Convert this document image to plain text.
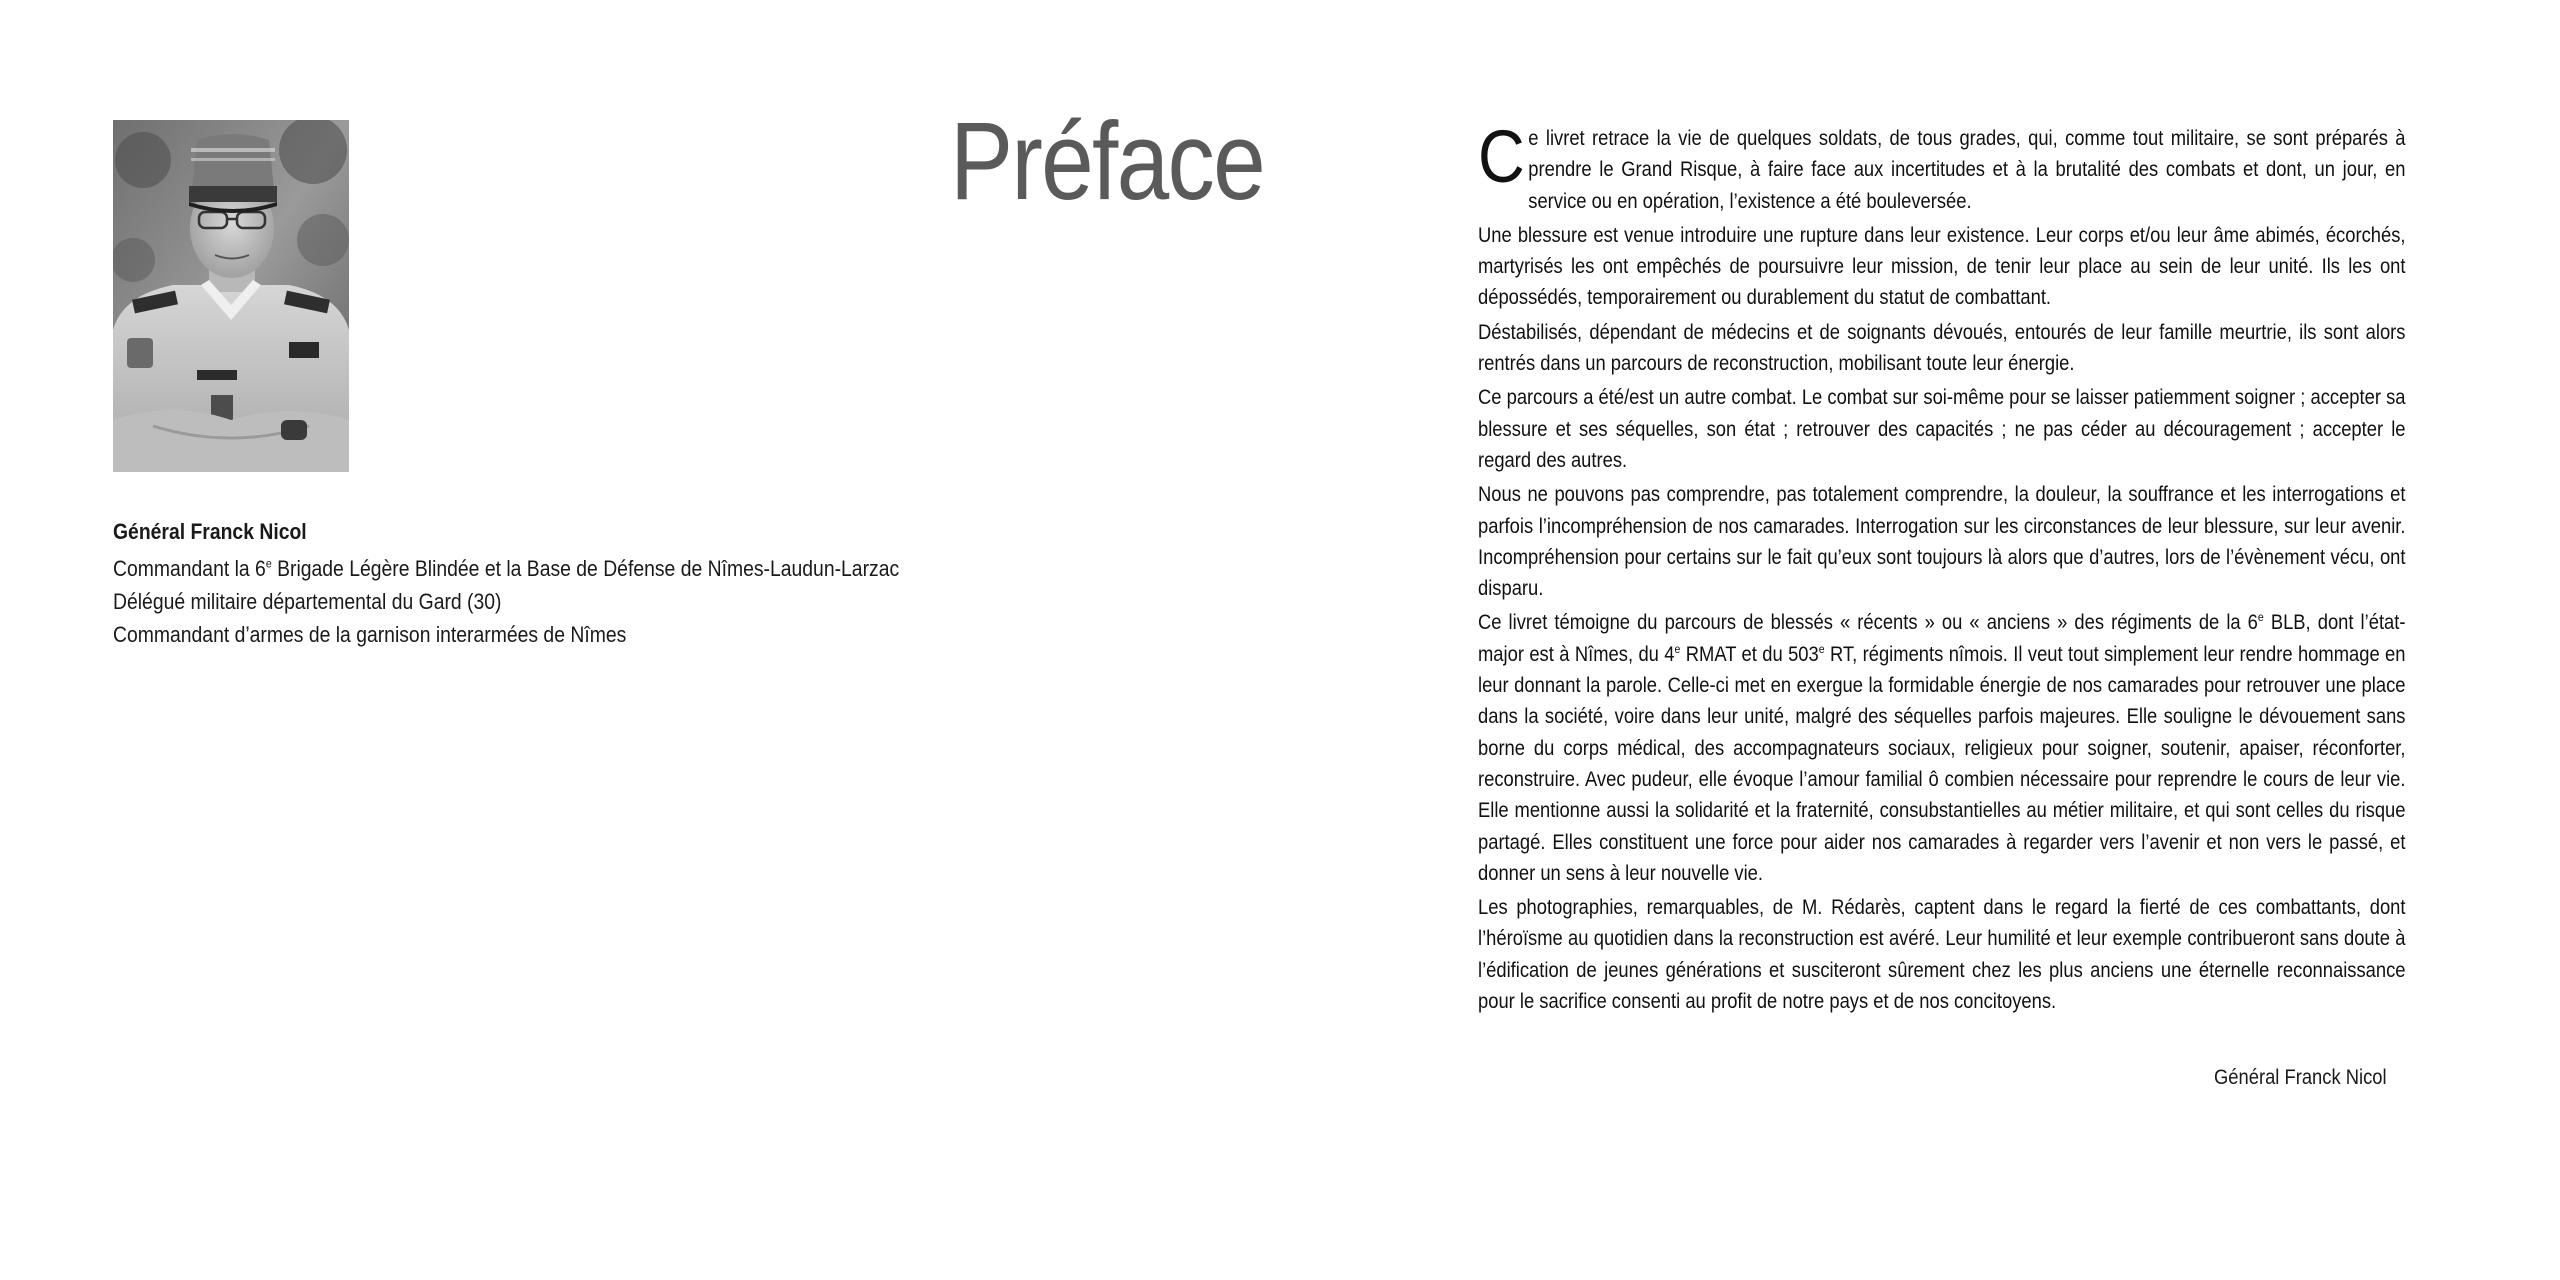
Général Franck Nicol
Commandant la 6e Brigade Légère Blindée et la Base de Défense de Nîmes-Laudun-Larzac
Délégué militaire départemental du Gard (30)
Commandant d’armes de la garnison interarmées de Nîmes
Préface	Ce livret retrace la vie de quelques soldats, de tous grades, qui, comme tout militaire, se sont préparés à prendre le Grand Risque, à faire face aux incertitudes et à la brutalité des combats et dont, un jour, en service ou en opération, l’existence a été bouleversée.

Une blessure est venue introduire une rupture dans leur existence. Leur corps et/ou leur âme abimés, écorchés, martyrisés les ont empêchés de poursuivre leur mission, de tenir leur place au sein de leur unité. Ils les ont dépossédés, temporairement ou durablement du statut de combattant.

Déstabilisés, dépendant de médecins et de soignants dévoués, entourés de leur famille meurtrie, ils sont alors rentrés dans un parcours de reconstruction, mobilisant toute leur énergie.

Ce parcours a été/est un autre combat. Le combat sur soi-même pour se laisser patiemment soigner ; accepter sa blessure et ses séquelles, son état ; retrouver des capacités ; ne pas céder au découragement ; accepter le regard des autres.

Nous ne pouvons pas comprendre, pas totalement comprendre, la douleur, la souffrance et les interrogations et parfois l’incompréhension de nos camarades. Interrogation sur les circonstances de leur blessure, sur leur avenir. Incompréhension pour certains sur le fait qu’eux sont toujours là alors que d’autres, lors de l’évènement vécu, ont disparu.

Ce livret témoigne du parcours de blessés « récents » ou « anciens » des régiments de la 6e BLB, dont l’état-major est à Nîmes, du 4e RMAT et du 503e RT, régiments nîmois. Il veut tout simplement leur rendre hommage en leur donnant la parole. Celle-ci met en exergue la formidable énergie de nos camarades pour retrouver une place dans la société, voire dans leur unité, malgré des séquelles parfois majeures. Elle souligne le dévouement sans borne du corps médical, des accompagnateurs sociaux, religieux pour soigner, soutenir, apaiser, réconforter, reconstruire. Avec pudeur, elle évoque l’amour familial ô combien nécessaire pour reprendre le cours de leur vie. Elle mentionne aussi la solidarité et la fraternité, consubstantielles au métier militaire, et qui sont celles du risque partagé. Elles constituent une force pour aider nos camarades à regarder vers l’avenir et non vers le passé, et donner un sens à leur nouvelle vie.

Les photographies, remarquables, de M. Rédarès, captent dans le regard la fierté de ces combattants, dont l’héroïsme au quotidien dans la reconstruction est avéré. Leur humilité et leur exemple contribueront sans doute à l’édification de jeunes générations et susciteront sûrement chez les plus anciens une éternelle reconnaissance pour le sacrifice consenti au profit de notre pays et de nos concitoyens.

Général Franck Nicol
